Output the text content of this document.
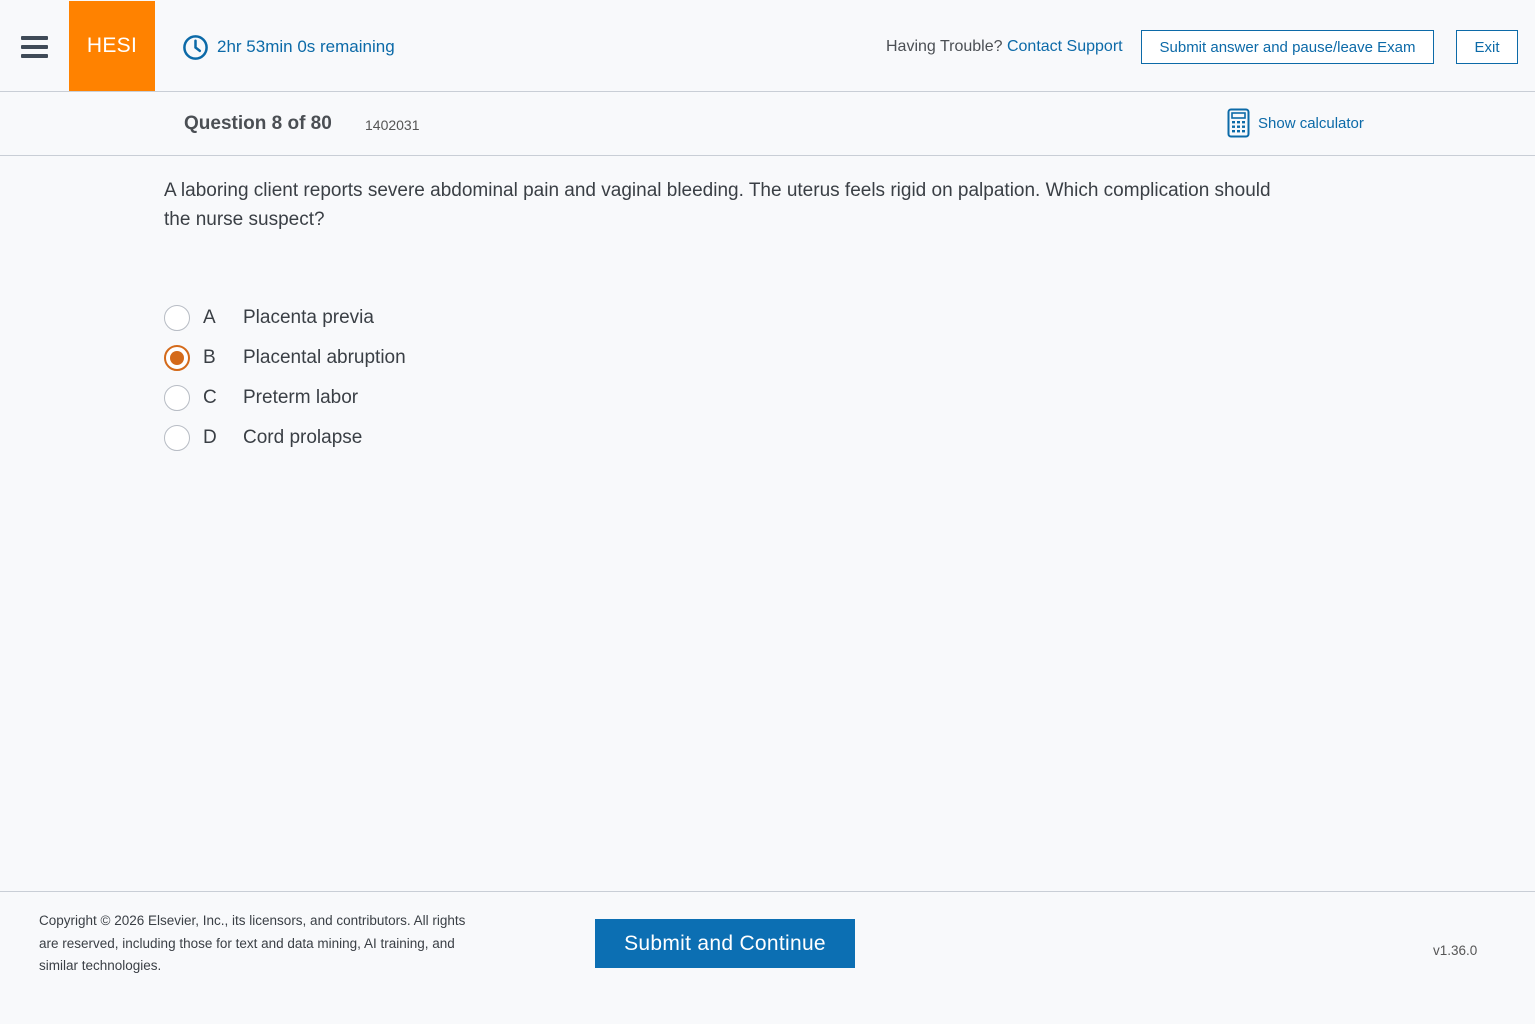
HESI	2hr 53min 0s remaining	Having Trouble? Contact Support	Submit answer and pause/leave Exam	Exit
Question 8 of 80 1402031	Show calculator
A laboring client reports severe abdominal pain and vaginal bleeding. The uterus feels rigid on palpation. Which complication should the nurse suspect?
A	Placenta previa
B	Placental abruption
C	Preterm labor
D	Cord prolapse
Copyright © 2026 Elsevier, Inc., its licensors, and contributors. All rights are reserved, including those for text and data mining, AI training, and similar technologies.
Submit and Continue	v1.36.0
